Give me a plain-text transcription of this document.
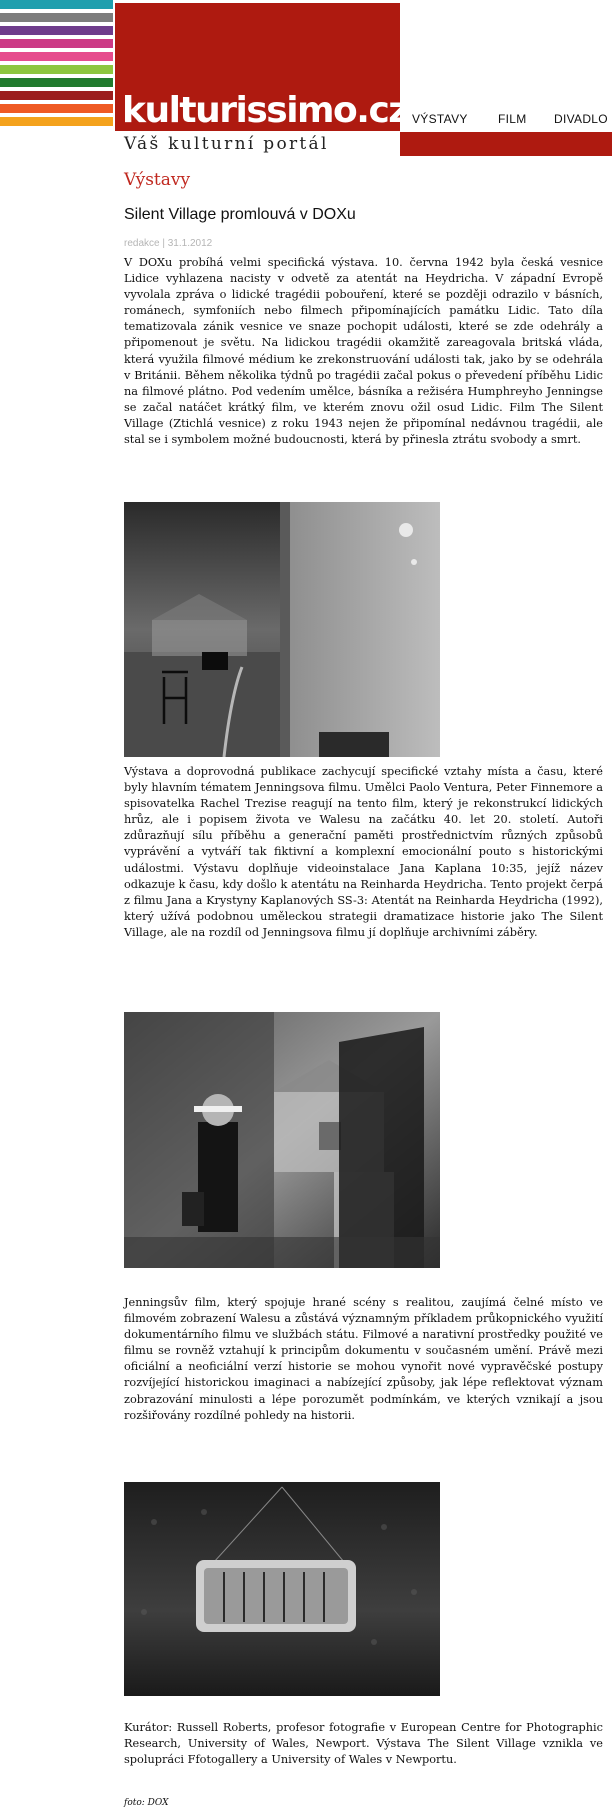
kulturissimo.cz
Váš kulturní portál
VÝSTAVY	FILM DIVADLO
Výstavy
Silent Village promlouvá v DOXu
redakce | 31.1.2012

V DOXu probíhá velmi specifická výstava. 10. června 1942 byla česká vesnice Lidice vyhlazena nacisty v odvetě za atentát na Heydricha. V západní Evropě vyvolala zpráva o lidické tragédii pobouření, které se později odrazilo v básních, románech, symfoniích nebo filmech připomínajících památku Lidic. Tato díla tematizovala zánik vesnice ve snaze pochopit události, které se zde odehrály a připomenout je světu. Na lidickou tragédii okamžitě zareagovala britská vláda, která využila filmové médium ke zrekonstruování události tak, jako by se odehrála v Británii. Během několika týdnů po tragédii začal pokus o převedení příběhu Lidic na filmové plátno. Pod vedením umělce, básníka a režiséra Humphreyho Jenningse se začal natáčet krátký film, ve kterém znovu ožil osud Lidic. Film The Silent Village (Ztichlá vesnice) z roku 1943 nejen že připomínal nedávnou tragédii, ale stal se i symbolem možné budoucnosti, která by přinesla ztrátu svobody a smrt.

Výstava a doprovodná publikace zachycují specifické vztahy místa a času, které byly hlavním tématem Jenningsova filmu. Umělci Paolo Ventura, Peter Finnemore a spisovatelka Rachel Trezise reagují na tento film, který je rekonstrukcí lidických hrůz, ale i popisem života ve Walesu na začátku 40. let 20. století. Autoři zdůrazňují sílu příběhu a generační paměti prostřednictvím různých způsobů vyprávění a vytváří tak fiktivní a komplexní emocionální pouto s historickými událostmi. Výstavu doplňuje videoinstalace Jana Kaplana 10:35, jejíž název odkazuje k času, kdy došlo k atentátu na Reinharda Heydricha. Tento projekt čerpá z filmu Jana a Krystyny Kaplanových SS-3: Atentát na Reinharda Heydricha (1992), který užívá podobnou uměleckou strategii dramatizace historie jako The Silent Village, ale na rozdíl od Jenningsova filmu jí doplňuje archivními záběry.

Jenningsův film, který spojuje hrané scény s realitou, zaujímá čelné místo ve filmovém zobrazení Walesu a zůstává významným příkladem průkopnického využití dokumentárního filmu ve službách státu. Filmové a narativní prostředky použité ve filmu se rovněž vztahují k principům dokumentu v současném umění. Právě mezi oficiální a neoficiální verzí historie se mohou vynořit nové vypravěčské postupy rozvíjející historickou imaginaci a nabízející způsoby, jak lépe reflektovat význam zobrazování minulosti a lépe porozumět podmínkám, ve kterých vznikají a jsou rozšiřovány rozdílné pohledy na historii.

Kurátor: Russell Roberts, profesor fotografie v European Centre for Photographic Research, University of Wales, Newport. Výstava The Silent Village vznikla ve spolupráci Ffotogallery a University of Wales v Newportu.

foto: DOX
